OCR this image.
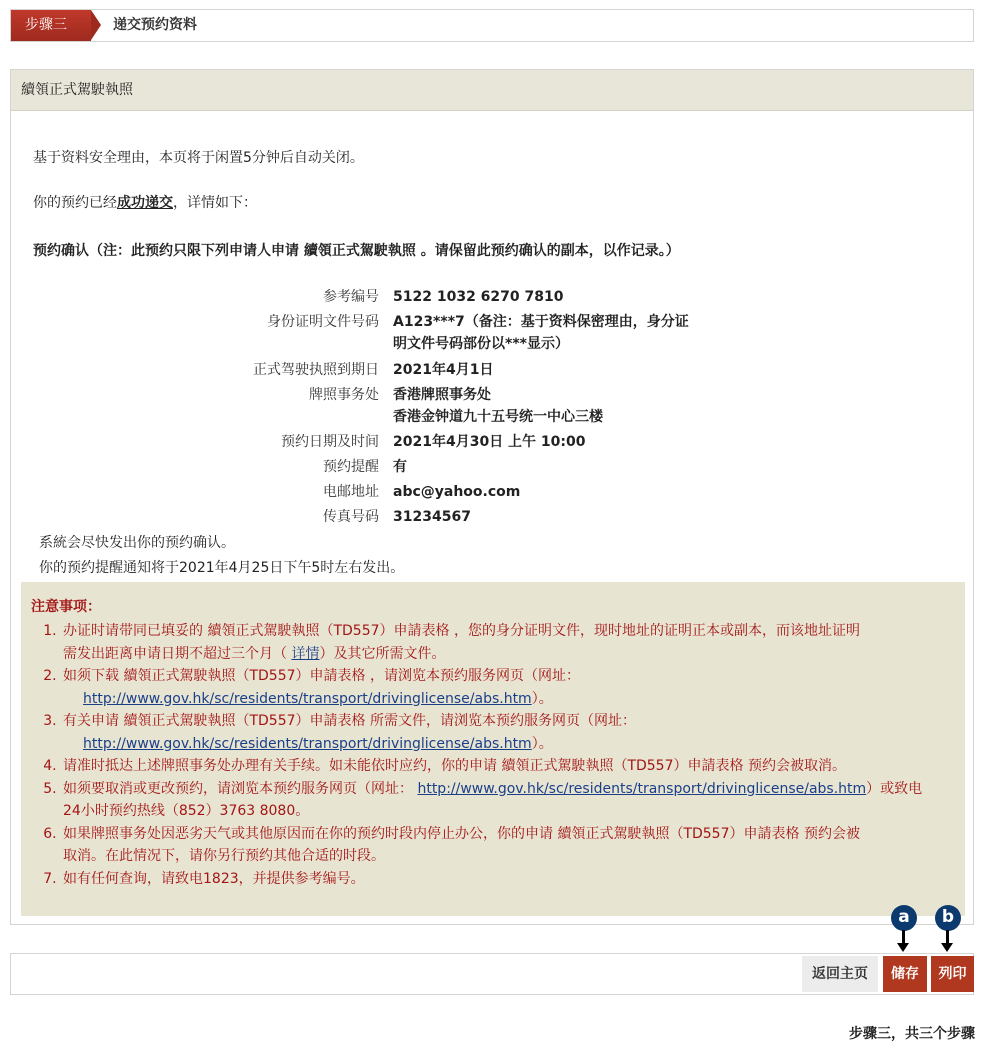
步骤三	递交预约资料
續領正式駕駛執照
基于资料安全理由，本页将于闲置5分钟后自动关闭。
你的预约已经成功递交，详情如下：
预约确认（注：此预约只限下列申请人申请 續領正式駕駛執照 。请保留此预约确认的副本，以作记录。）
参考编号 5122 1032 6270 7810
身份证明文件号码 A123***7（备注：基于资料保密理由，身分证
明文件号码部份以***显示）
正式驾驶执照到期日 2021年4月1日
牌照事务处 香港牌照事务处
香港金钟道九十五号统一中心三楼
预约日期及时间 2021年4月30日 上午 10:00
预约提醒 有
电邮地址 abc@yahoo.com
传真号码 31234567
系統会尽快发出你的预约确认。
你的预约提醒通知将于2021年4月25日下午5时左右发出。
注意事项：
1. 办证时请带同已填妥的 續領正式駕駛執照（TD557）申請表格 ，您的身分证明文件，现时地址的证明正本或副本，而该地址证明
需发出距离申请日期不超过三个月（ 详情）及其它所需文件。
2. 如须下载 續領正式駕駛執照（TD557）申請表格 ，请浏览本预约服务网页（网址：
http://www.gov.hk/sc/residents/transport/drivinglicense/abs.htm）。
3. 有关申请 續領正式駕駛執照（TD557）申請表格 所需文件，请浏览本预约服务网页（网址：
http://www.gov.hk/sc/residents/transport/drivinglicense/abs.htm）。
4. 请准时抵达上述牌照事务处办理有关手续。如未能依时应约，你的申请 續領正式駕駛執照（TD557）申請表格 预约会被取消。
5. 如须要取消或更改预约，请浏览本预约服务网页（网址： http://www.gov.hk/sc/residents/transport/drivinglicense/abs.htm）或致电
24小时预约热线（852）3763 8080。
6. 如果牌照事务处因恶劣天气或其他原因而在你的预约时段内停止办公，你的申请 續領正式駕駛執照（TD557）申請表格 预约会被
取消。在此情况下，请你另行预约其他合适的时段。
7. 如有任何查询，请致电1823，并提供参考编号。
a	b
返回主页	储存	列印
步骤三，共三个步骤
